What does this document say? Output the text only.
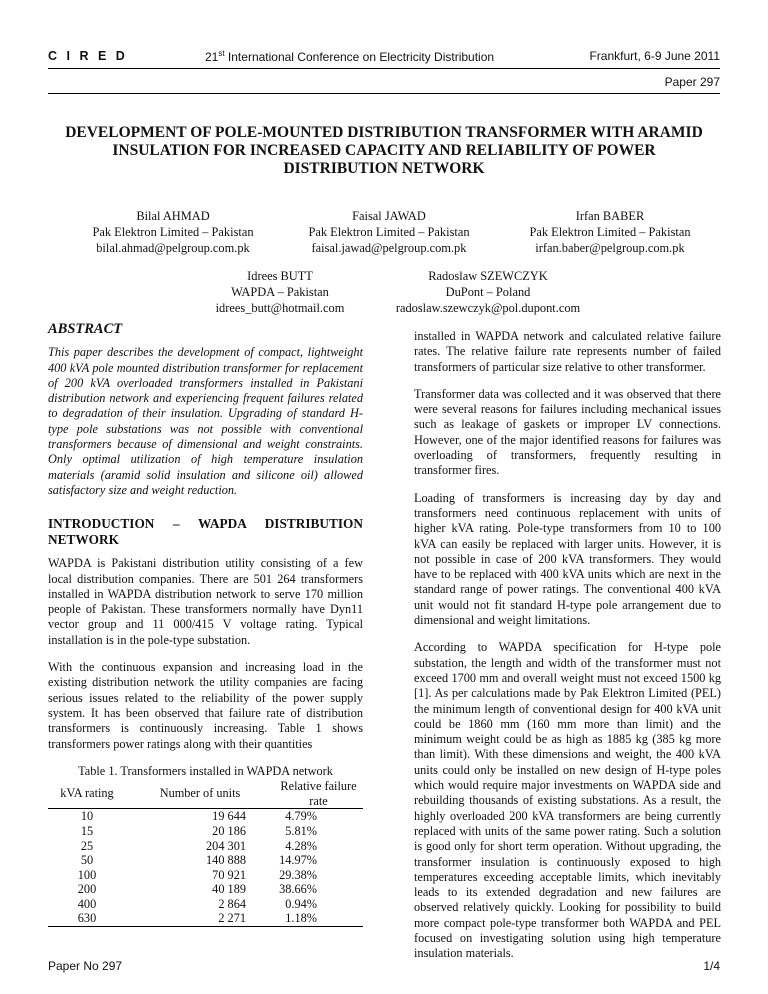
C I R E D	21st International Conference on Electricity Distribution	Frankfurt, 6-9 June 2011
Paper 297
DEVELOPMENT OF POLE-MOUNTED DISTRIBUTION TRANSFORMER WITH ARAMID INSULATION FOR INCREASED CAPACITY AND RELIABILITY OF POWER DISTRIBUTION NETWORK
Bilal AHMAD
Pak Elektron Limited – Pakistan
bilal.ahmad@pelgroup.com.pk
Faisal JAWAD
Pak Elektron Limited – Pakistan
faisal.jawad@pelgroup.com.pk
Irfan BABER
Pak Elektron Limited – Pakistan
irfan.baber@pelgroup.com.pk
Idrees BUTT
WAPDA – Pakistan
idrees_butt@hotmail.com
Radoslaw SZEWCZYK
DuPont – Poland
radoslaw.szewczyk@pol.dupont.com
ABSTRACT

This paper describes the development of compact, lightweight 400 kVA pole mounted distribution transformer for replacement of 200 kVA overloaded transformers installed in Pakistani distribution network and experiencing frequent failures related to degradation of their insulation. Upgrading of standard H-type pole substations was not possible with conventional transformers because of dimensional and weight constraints. Only optimal utilization of high temperature insulation materials (aramid solid insulation and silicone oil) allowed satisfactory size and weight reduction.

INTRODUCTION – WAPDA DISTRIBUTION NETWORK

WAPDA is Pakistani distribution utility consisting of a few local distribution companies. There are 501 264 transformers installed in WAPDA distribution network to serve 170 million people of Pakistan. These transformers normally have Dyn11 vector group and 11 000/415 V voltage rating. Typical installation is in the pole-type substation.

With the continuous expansion and increasing load in the existing distribution network the utility companies are facing serious issues related to the reliability of the power supply system. It has been observed that failure rate of distribution transformers is continuously increasing. Table 1 shows transformers power ratings along with their quantities

Table 1. Transformers installed in WAPDA network
kVA rating	Number of units	Relative failure rate
10	19 644	4.79%
15	20 186	5.81%
25	204 301	4.28%
50	140 888	14.97%
100	70 921	29.38%
200	40 189	38.66%
400	2 864	0.94%
630	2 271	1.18%

installed in WAPDA network and calculated relative failure rates. The relative failure rate represents number of failed transformers of particular size relative to other transformer.

Transformer data was collected and it was observed that there were several reasons for failures including mechanical issues such as leakage of gaskets or improper LV connections. However, one of the major identified reasons for failures was overloading of transformers, frequently resulting in transformer fires.

Loading of transformers is increasing day by day and transformers need continuous replacement with units of higher kVA rating. Pole-type transformers from 10 to 100 kVA can easily be replaced with larger units. However, it is not possible in case of 200 kVA transformers. They would have to be replaced with 400 kVA units which are next in the standard range of power ratings. The conventional 400 kVA unit would not fit standard H-type pole arrangement due to dimensional and weight limitations.

According to WAPDA specification for H-type pole substation, the length and width of the transformer must not exceed 1700 mm and overall weight must not exceed 1500 kg [1]. As per calculations made by Pak Elektron Limited (PEL) the minimum length of conventional design for 400 kVA unit could be 1860 mm (160 mm more than limit) and the minimum weight could be as high as 1885 kg (385 kg more than limit). With these dimensions and weight, the 400 kVA units could only be installed on new design of H-type poles which would require major investments on WAPDA side and rebuilding thousands of existing substations. As a result, the highly overloaded 200 kVA transformers are being currently replaced with units of the same power rating. Such a solution is good only for short term operation. Without upgrading, the transformer insulation is continuously exposed to high temperatures exceeding acceptable limits, which inevitably leads to its extended degradation and new failures are observed relatively quickly. Looking for possibility to build more compact pole-type transformer both WAPDA and PEL focused on investigating solution using high temperature insulation materials.

Paper No 297	1/4
